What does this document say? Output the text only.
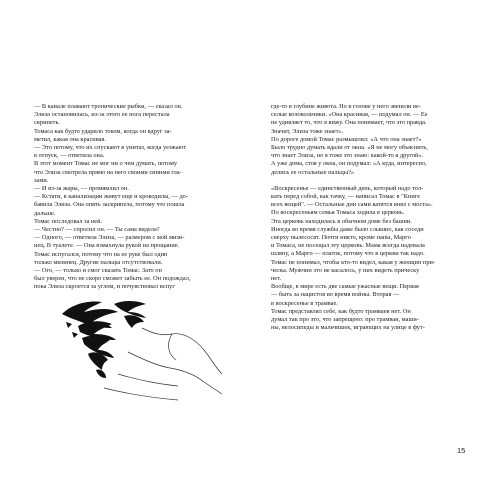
— В канале плавают тропические рыбки, — сказал он.
Элиза остановилась, из-за этого ее нога перестала
скрипеть.
Томаса как будто ударило током, когда он вдруг за-
метил, какая она красивая.
— Это потому, что их спускают в унитаз, когда уезжают
в отпуск, — ответила она.
В этот момент Томас не мог ни о чем думать, потому
что Элиза смотрела прямо на него своими синими гла-
зами.
— И из-за жары, — промямлил он.
— Кстати, в канализации живут еще и крокодилы, — до-
бавила Элиза. Она опять заскрипела, потому что пошла
дальше.
Томас последовал за ней.
— Честно? — спросил он. — Ты сама видела?
— Одного, — ответила Элиза, — размером с мой мизи-
нец. В туалете. — Она взмахнула рукой на прощание.
Томас испугался, потому что на ее руке был один
только мизинец. Другие пальцы отсутствовали.
— Ого, — только и смог сказать Томас. Зато он
был уверен, что не скоро сможет забыть ее. Он подождал,
пока Элиза скроется за углом, и почувствовал испуг
где-то в глубине живота. Но в голове у него звенели ве-
селые колокольчики. «Она красивая, — подумал он. — Ее
не удивляет то, что я вижу. Она понимает, что это правда.
Значит, Элиза тоже знает».
По дороге домой Томас размышлял: «А что она знает?»
Было трудно думать вдали от окна. «Я не могу объяснить,
что знает Элиза, но я тоже это знаю: какой-то я другой».
А уже дома, стоя у окна, он подумал: «А куда, интересно,
делись ее остальные пальцы?»
«Воскресенье — единственный день, который надо тол-
кать перед собой, как тачку, — написал Томас в "Книге
всех вещей". — Остальные дни сами катятся вниз с моста».
По воскресеньям семья Томаса ходила в церковь.
Эта церковь находилась в обычном доме без башни.
Иногда во время службы даже было слышно, как соседи
сверху пылесосят. Почти никто, кроме папы, Марго
и Томаса, не посещал эту церковь. Мама всегда надевала
шляпу, а Марго — платок, потому что в церкви так надо.
Томас не понимал, чтобы кто-то видел, какая у женщин при-
ческа. Мужчин это не касалось, у них видеть прическу
нет.
Вообще, в мире есть две самые ужасные вещи. Первая
— быть за нацистов во время войны. Вторая —
в воскресенье в трамвае.
Томас представлял себе, как будто трамваев нет. Он
думал так про это, что запрещено: про трамваи, маши-
ны, велосипеды и мальчишек, играющих на улице в фут-
15
